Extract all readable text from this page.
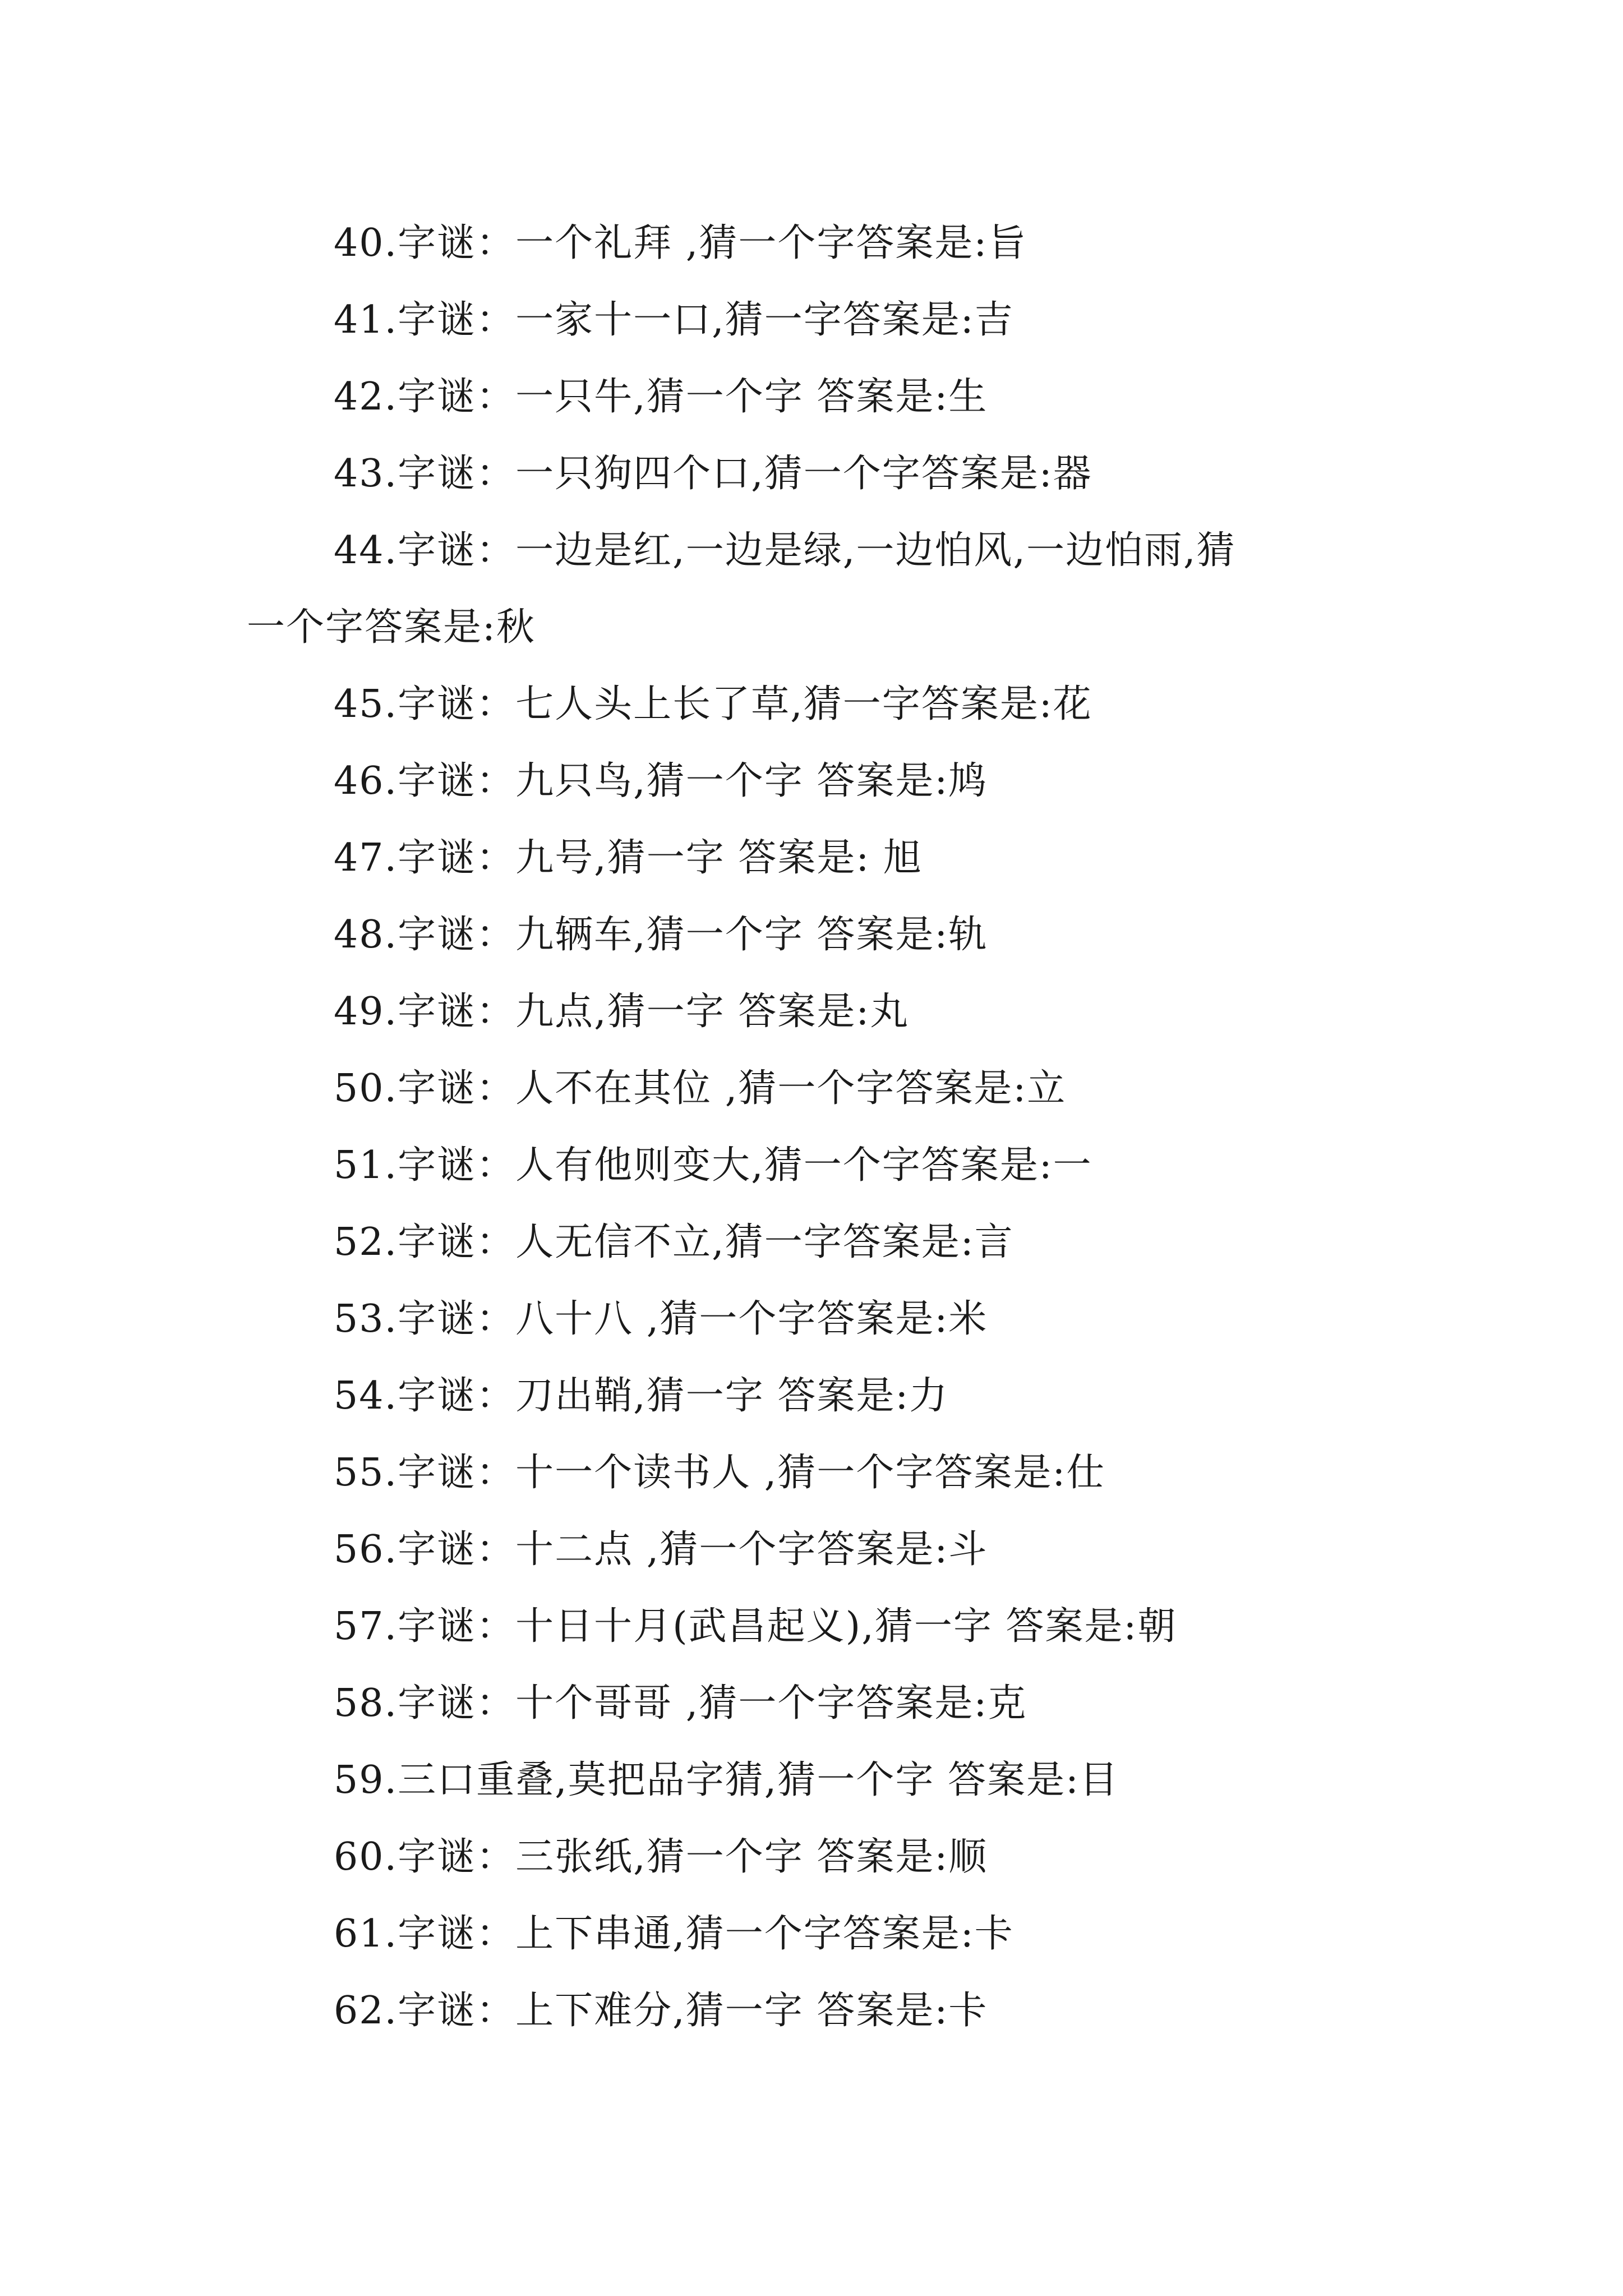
40.字谜：一个礼拜 ,猜一个字答案是:旨
41.字谜：一家十一口,猜一字答案是:吉
42.字谜：一只牛,猜一个字 答案是:生
43.字谜：一只狗四个口,猜一个字答案是:器
44.字谜：一边是红,一边是绿,一边怕风,一边怕雨,猜
一个字答案是:秋
45.字谜：七人头上长了草,猜一字答案是:花
46.字谜：九只鸟,猜一个字 答案是:鸠
47.字谜：九号,猜一字 答案是: 旭
48.字谜：九辆车,猜一个字 答案是:轨
49.字谜：九点,猜一字 答案是:丸
50.字谜：人不在其位 ,猜一个字答案是:立
51.字谜：人有他则变大,猜一个字答案是:一
52.字谜：人无信不立,猜一字答案是:言
53.字谜：八十八 ,猜一个字答案是:米
54.字谜：刀出鞘,猜一字 答案是:力
55.字谜：十一个读书人 ,猜一个字答案是:仕
56.字谜：十二点 ,猜一个字答案是:斗
57.字谜：十日十月(武昌起义),猜一字 答案是:朝
58.字谜：十个哥哥 ,猜一个字答案是:克
59.三口重叠,莫把品字猜,猜一个字 答案是:目
60.字谜：三张纸,猜一个字 答案是:顺
61.字谜：上下串通,猜一个字答案是:卡
62.字谜：上下难分,猜一字 答案是:卡
